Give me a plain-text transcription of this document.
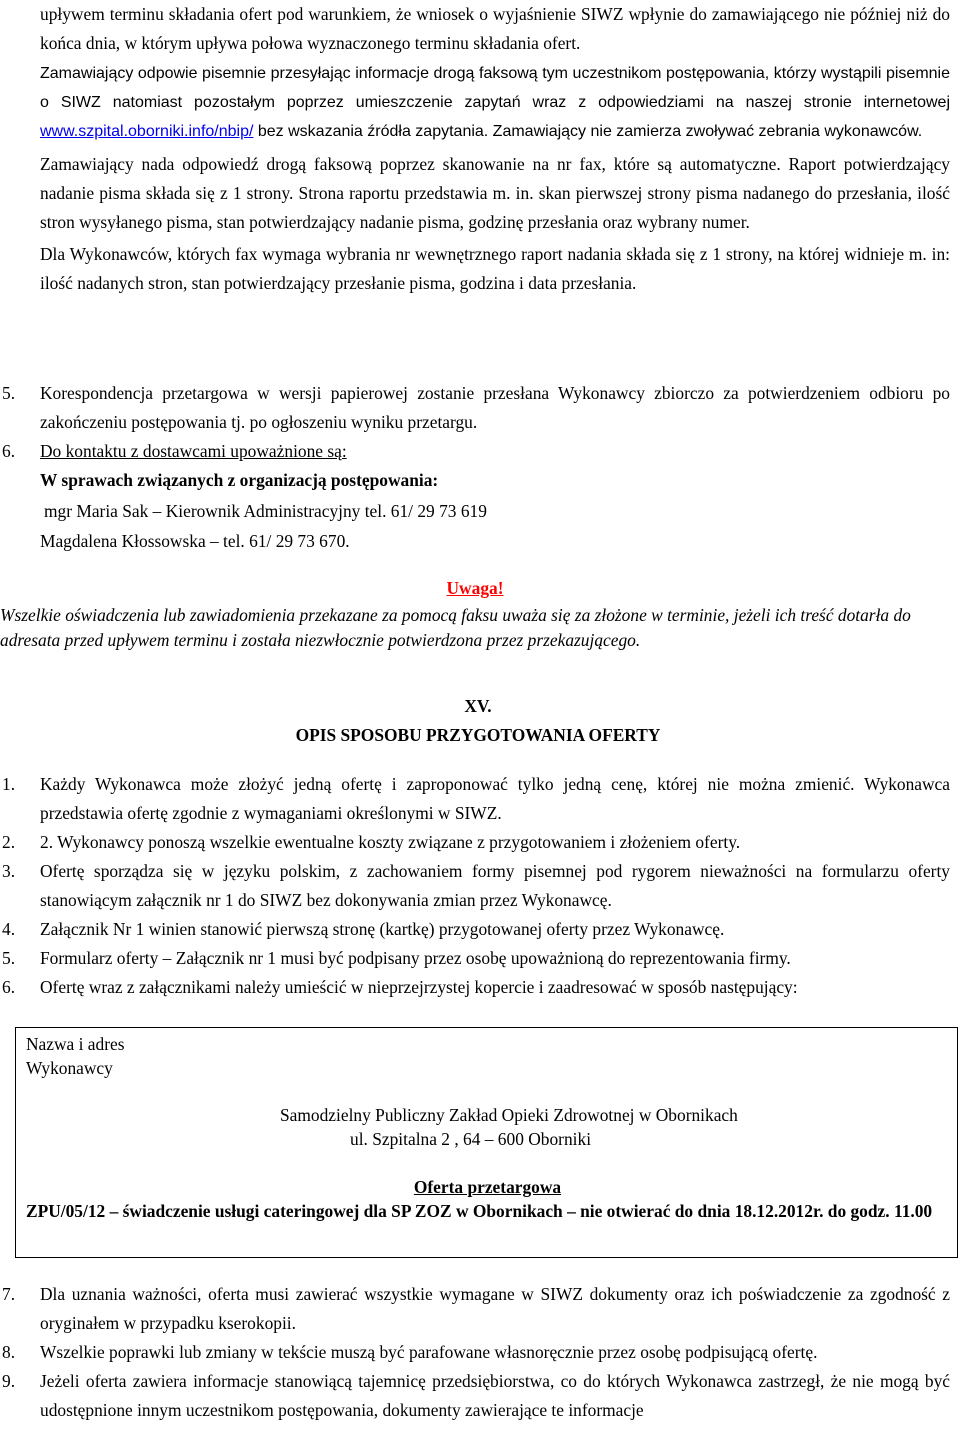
upływem terminu składania ofert pod warunkiem, że wniosek o wyjaśnienie SIWZ wpłynie do zamawiającego nie później niż do końca dnia, w którym upływa połowa wyznaczonego terminu składania ofert.

Zamawiający odpowie pisemnie przesyłając informacje drogą faksową tym uczestnikom postępowania, którzy wystąpili pisemnie o SIWZ natomiast pozostałym poprzez umieszczenie zapytań wraz z odpowiedziami na naszej stronie internetowej www.szpital.oborniki.info/nbip/ bez wskazania źródła zapytania. Zamawiający nie zamierza zwoływać zebrania wykonawców.

Zamawiający nada odpowiedź drogą faksową poprzez skanowanie na nr fax, które są automatyczne. Raport potwierdzający nadanie pisma składa się z 1 strony. Strona raportu przedstawia m. in. skan pierwszej strony pisma nadanego do przesłania, ilość stron wysyłanego pisma, stan potwierdzający nadanie pisma, godzinę przesłania oraz wybrany numer.

Dla Wykonawców, których fax wymaga wybrania nr wewnętrznego raport nadania składa się z 1 strony, na której widnieje m. in: ilość nadanych stron, stan potwierdzający przesłanie pisma, godzina i data przesłania.

5.	Korespondencja przetargowa w wersji papierowej zostanie przesłana Wykonawcy zbiorczo za potwierdzeniem odbioru po zakończeniu postępowania tj. po ogłoszeniu wyniku przetargu.
6.	Do kontaktu z dostawcami upoważnione są:

W sprawach związanych z organizacją postępowania:

mgr Maria Sak – Kierownik Administracyjny tel. 61/ 29 73 619

Magdalena Kłossowska – tel. 61/ 29 73 670.

Uwaga!

Wszelkie oświadczenia lub zawiadomienia przekazane za pomocą faksu uważa się za złożone w terminie, jeżeli ich treść dotarła do adresata przed upływem terminu i została niezwłocznie potwierdzona przez przekazującego.

XV.

OPIS SPOSOBU PRZYGOTOWANIA OFERTY

1.	Każdy Wykonawca może złożyć jedną ofertę i zaproponować tylko jedną cenę, której nie można zmienić. Wykonawca przedstawia ofertę zgodnie z wymaganiami określonymi w SIWZ.
2.	2. Wykonawcy ponoszą wszelkie ewentualne koszty związane z przygotowaniem i złożeniem oferty.
3.	Ofertę sporządza się w języku polskim, z zachowaniem formy pisemnej pod rygorem nieważności na formularzu oferty stanowiącym załącznik nr 1 do SIWZ bez dokonywania zmian przez Wykonawcę.
4.	Załącznik Nr 1 winien stanowić pierwszą stronę (kartkę) przygotowanej oferty przez Wykonawcę.
5.	Formularz oferty – Załącznik nr 1 musi być podpisany przez osobę upoważnioną do reprezentowania firmy.
6.	Ofertę wraz z załącznikami należy umieścić w nieprzejrzystej kopercie i zaadresować w sposób następujący:

Nazwa i adres

Wykonawcy

Samodzielny Publiczny Zakład Opieki Zdrowotnej w Obornikach

ul. Szpitalna 2 , 64 – 600 Oborniki

Oferta przetargowa

ZPU/05/12 – świadczenie usługi cateringowej dla SP ZOZ w Obornikach – nie otwierać do dnia 18.12.2012r. do godz. 11.00

7.	Dla uznania ważności, oferta musi zawierać wszystkie wymagane w SIWZ dokumenty oraz ich poświadczenie za zgodność z oryginałem w przypadku kserokopii.
8.	Wszelkie poprawki lub zmiany w tekście muszą być parafowane własnoręcznie przez osobę podpisującą ofertę.
9.	Jeżeli oferta zawiera informacje stanowiącą tajemnicę przedsiębiorstwa, co do których Wykonawca zastrzegł, że nie mogą być udostępnione innym uczestnikom postępowania, dokumenty zawierające te informacje
